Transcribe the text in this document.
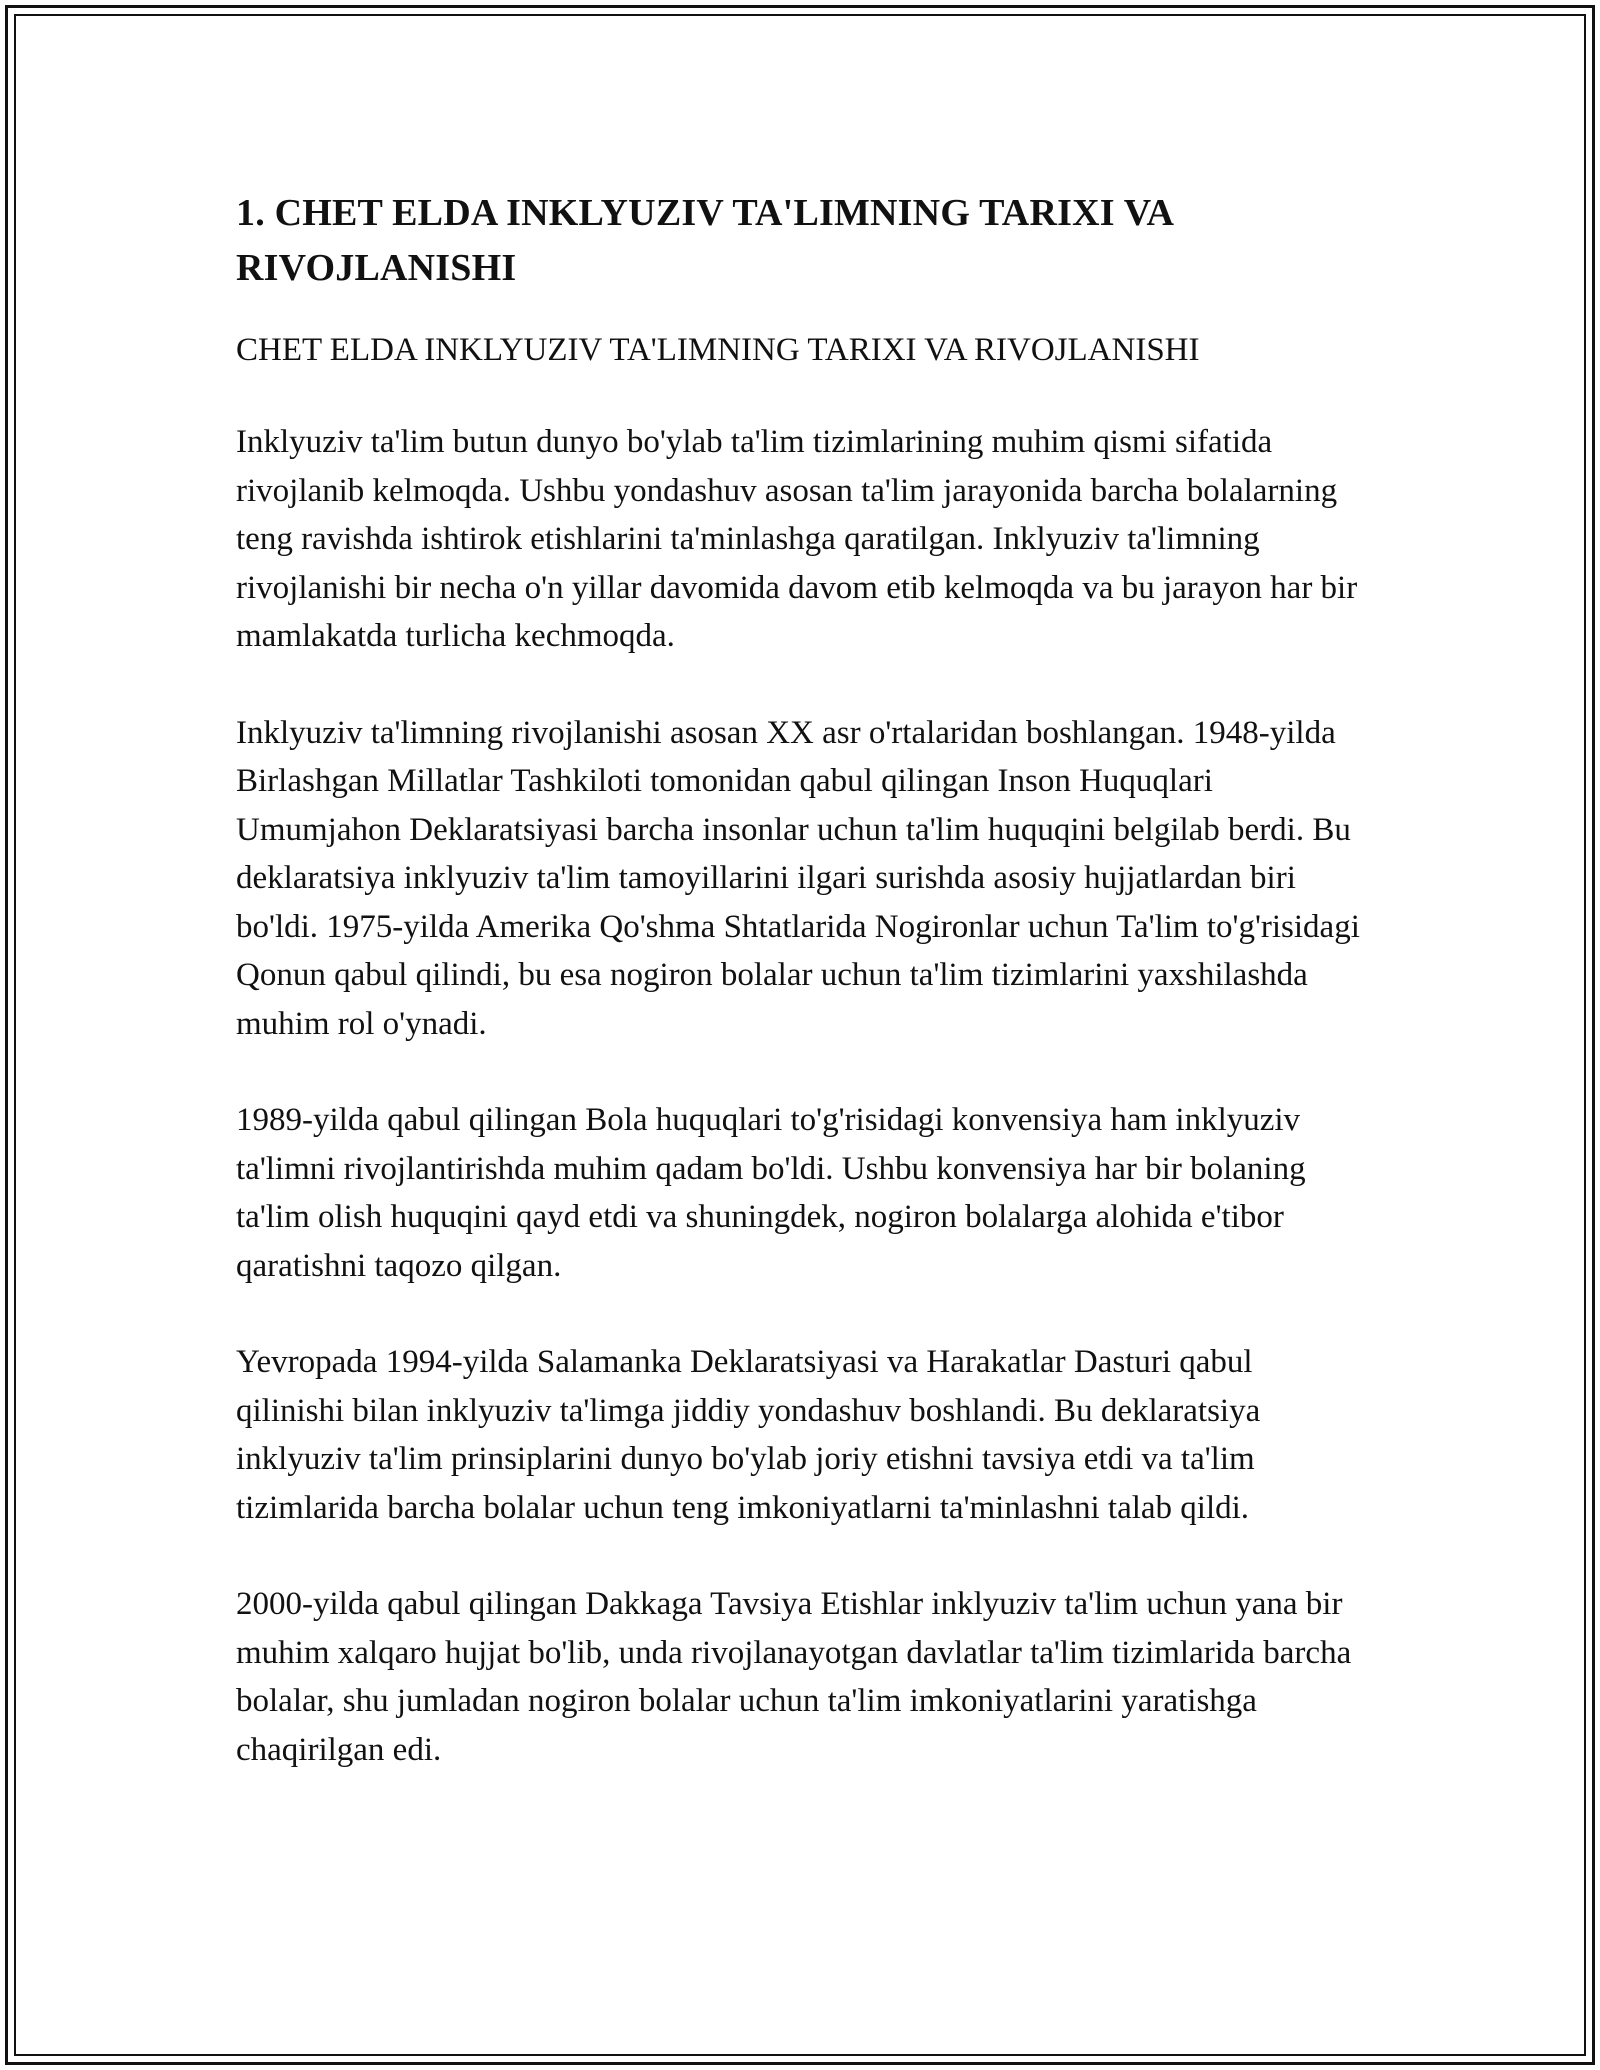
1. CHET ELDA INKLYUZIV TA'LIMNING TARIXI VA RIVOJLANISHI

CHET ELDA INKLYUZIV TA'LIMNING TARIXI VA RIVOJLANISHI

Inklyuziv ta'lim butun dunyo bo'ylab ta'lim tizimlarining muhim qismi sifatida rivojlanib kelmoqda. Ushbu yondashuv asosan ta'lim jarayonida barcha bolalarning teng ravishda ishtirok etishlarini ta'minlashga qaratilgan. Inklyuziv ta'limning rivojlanishi bir necha o'n yillar davomida davom etib kelmoqda va bu jarayon har bir mamlakatda turlicha kechmoqda.

Inklyuziv ta'limning rivojlanishi asosan XX asr o'rtalaridan boshlangan. 1948-yilda Birlashgan Millatlar Tashkiloti tomonidan qabul qilingan Inson Huquqlari Umumjahon Deklaratsiyasi barcha insonlar uchun ta'lim huquqini belgilab berdi. Bu deklaratsiya inklyuziv ta'lim tamoyillarini ilgari surishda asosiy hujjatlardan biri bo'ldi. 1975-yilda Amerika Qo'shma Shtatlarida Nogironlar uchun Ta'lim to'g'risidagi Qonun qabul qilindi, bu esa nogiron bolalar uchun ta'lim tizimlarini yaxshilashda muhim rol o'ynadi.

1989-yilda qabul qilingan Bola huquqlari to'g'risidagi konvensiya ham inklyuziv ta'limni rivojlantirishda muhim qadam bo'ldi. Ushbu konvensiya har bir bolaning ta'lim olish huquqini qayd etdi va shuningdek, nogiron bolalarga alohida e'tibor qaratishni taqozo qilgan.

Yevropada 1994-yilda Salamanka Deklaratsiyasi va Harakatlar Dasturi qabul qilinishi bilan inklyuziv ta'limga jiddiy yondashuv boshlandi. Bu deklaratsiya inklyuziv ta'lim prinsiplarini dunyo bo'ylab joriy etishni tavsiya etdi va ta'lim tizimlarida barcha bolalar uchun teng imkoniyatlarni ta'minlashni talab qildi.

2000-yilda qabul qilingan Dakkaga Tavsiya Etishlar inklyuziv ta'lim uchun yana bir muhim xalqaro hujjat bo'lib, unda rivojlanayotgan davlatlar ta'lim tizimlarida barcha bolalar, shu jumladan nogiron bolalar uchun ta'lim imkoniyatlarini yaratishga chaqirilgan edi.
